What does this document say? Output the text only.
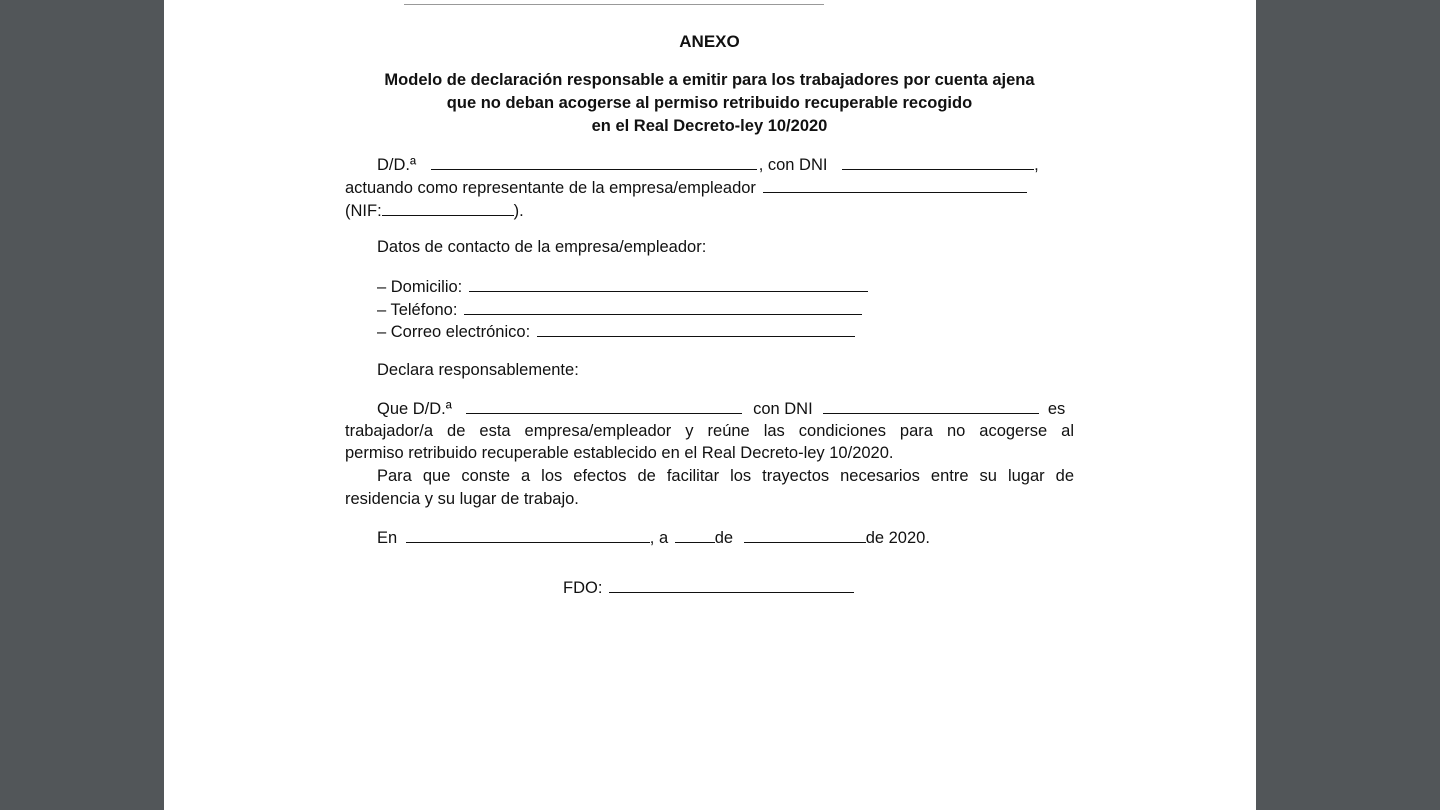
ANEXO
Modelo de declaración responsable a emitir para los trabajadores por cuenta ajena
que no deban acogerse al permiso retribuido recuperable recogido
en el Real Decreto-ley 10/2020
D/D.ª	, con DNI	,
actuando como representante de la empresa/empleador
(NIF:	).
Datos de contacto de la empresa/empleador:
– Domicilio:
– Teléfono:
– Correo electrónico:
Declara responsablemente:
Que D/D.ª	con DNI	es
trabajador/a de esta empresa/empleador y reúne las condiciones para no acogerse al
permiso retribuido recuperable establecido en el Real Decreto-ley 10/2020.
Para que conste a los efectos de facilitar los trayectos necesarios entre su lugar de
residencia y su lugar de trabajo.
En	, a	de	de 2020.
FDO:
